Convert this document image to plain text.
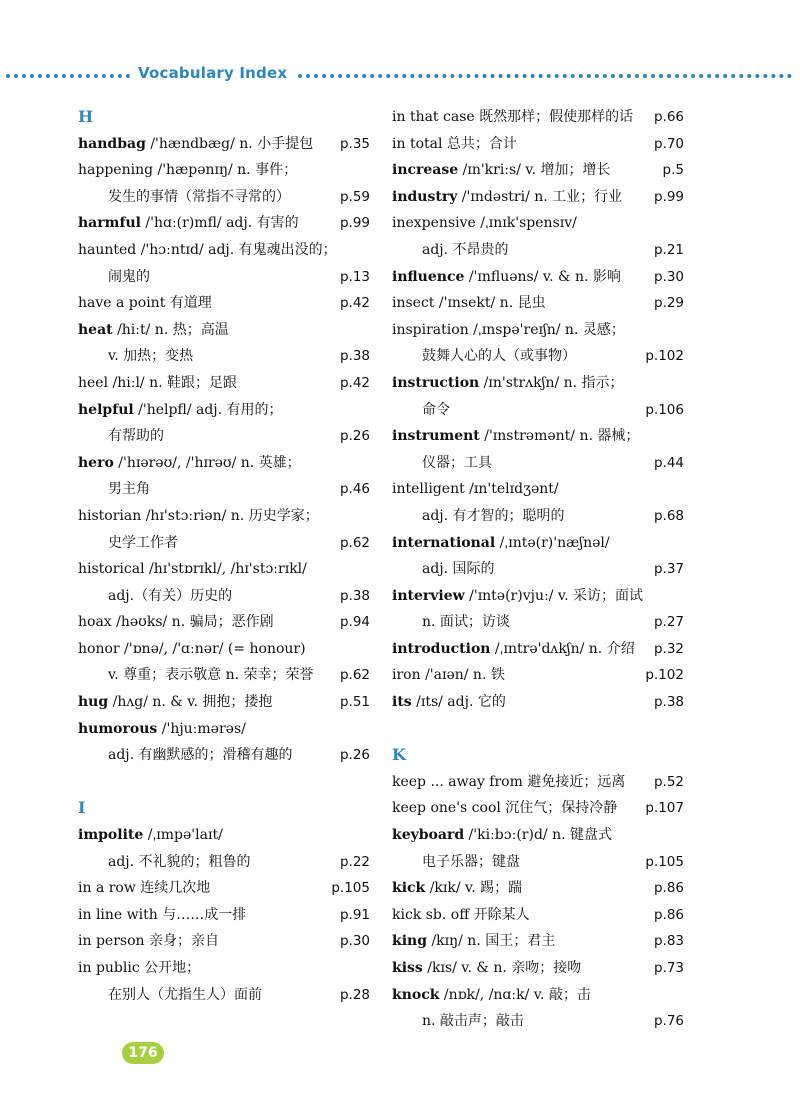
Vocabulary Index
H
handbag /'hændbæg/ n. 小手提包 p.35
happening /'hæpənɪŋ/ n. 事件；
发生的事情（常指不寻常的）	p.59
harmful /'hɑː(r)mfl/ adj. 有害的	p.99
haunted /'hɔːntɪd/ adj. 有鬼魂出没的；
闹鬼的	p.13
have a point 有道理	p.42
heat /hiːt/ n. 热；高温
v. 加热；变热	p.38
heel /hiːl/ n. 鞋跟；足跟	p.42
helpful /'helpfl/ adj. 有用的；
有帮助的	p.26
hero /'hɪərəʊ/, /'hɪrəʊ/ n. 英雄；
男主角	p.46
historian /hɪ'stɔːriən/ n. 历史学家；
史学工作者	p.62
historical /hɪ'stɒrɪkl/, /hɪ'stɔːrɪkl/
adj.（有关）历史的	p.38
hoax /həʊks/ n. 骗局；恶作剧	p.94
honor /'ɒnə/, /'ɑːnər/ (= honour)
v. 尊重；表示敬意 n. 荣幸；荣誉 p.62
hug /hʌg/ n. & v. 拥抱；搂抱	p.51
humorous /'hjuːmərəs/
adj. 有幽默感的；滑稽有趣的	p.26
I
impolite /ˌɪmpə'laɪt/
adj. 不礼貌的；粗鲁的	p.22
in a row 连续几次地	p.105
in line with 与……成一排	p.91
in person 亲身；亲自	p.30
in public 公开地；
在别人（尤指生人）面前	p.28
in that case 既然那样；假使那样的话 p.66
in total 总共；合计	p.70
increase /ɪn'kriːs/ v. 增加；增长	p.5
industry /'ɪndəstri/ n. 工业；行业 p.99
inexpensive /ˌɪnɪk'spensɪv/
adj. 不昂贵的	p.21
influence /'ɪnfluəns/ v. & n. 影响 p.30
insect /'ɪnsekt/ n. 昆虫	p.29
inspiration /ˌɪnspə'reɪʃn/ n. 灵感；
鼓舞人心的人（或事物）	p.102
instruction /ɪn'strʌkʃn/ n. 指示；
命令	p.106
instrument /'ɪnstrəmənt/ n. 器械；
仪器；工具	p.44
intelligent /ɪn'telɪdʒənt/
adj. 有才智的；聪明的	p.68
international /ˌɪntə(r)'næʃnəl/
adj. 国际的	p.37
interview /'ɪntə(r)vjuː/ v. 采访；面试
n. 面试；访谈	p.27
introduction /ˌɪntrə'dʌkʃn/ n. 介绍 p.32
iron /'aɪən/ n. 铁	p.102
its /ɪts/ adj. 它的	p.38
K
keep ... away from 避免接近；远离 p.52
keep one's cool 沉住气；保持冷静 p.107
keyboard /'kiːbɔː(r)d/ n. 键盘式
电子乐器；键盘	p.105
kick /kɪk/ v. 踢；踹	p.86
kick sb. off 开除某人	p.86
king /kɪŋ/ n. 国王；君主	p.83
kiss /kɪs/ v. & n. 亲吻；接吻	p.73
knock /nɒk/, /nɑːk/ v. 敲；击
n. 敲击声；敲击	p.76
176
